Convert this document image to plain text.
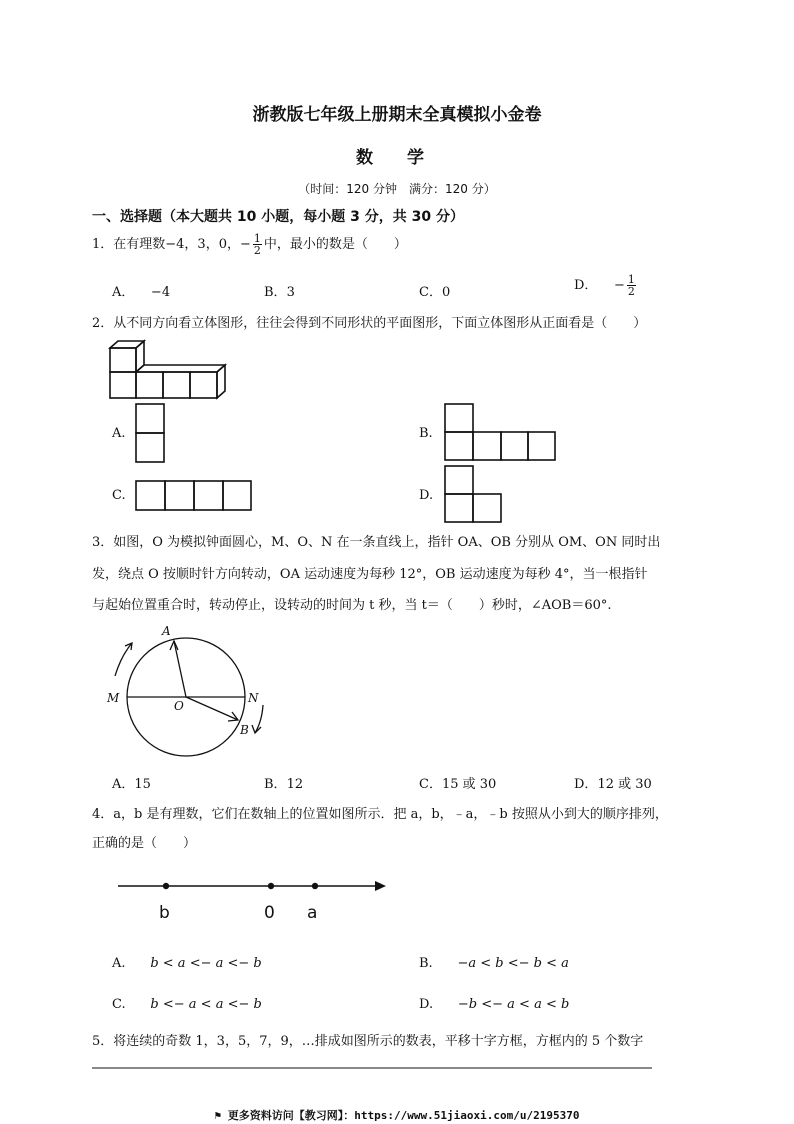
浙教版七年级上册期末全真模拟小金卷
数 学
（时间：120 分钟　满分：120 分）
一、选择题（本大题共 10 小题，每小题 3 分，共 30 分）
1．在有理数−4，3，0，− $\frac{1}{2}$ 中，最小的数是（　　）
A． −4	B．3	C．0	D． − $\frac{1}{2}$
2．从不同方向看立体图形，往往会得到不同形状的平面图形，下面立体图形从正面看是（　　）
A
M	N
O
B
b	0 a
A.	B.
C.	D.
3．如图，O 为模拟钟面圆心，M、O、N 在一条直线上，指针 OA、OB 分别从 OM、ON 同时出
发，绕点 O 按顺时针方向转动，OA 运动速度为每秒 12°，OB 运动速度为每秒 4°，当一根指针
与起始位置重合时，转动停止，设转动的时间为 t 秒，当 t＝（　　）秒时，∠AOB＝60°.
A．15	B．12	C．15 或 30	D．12 或 30
4．a，b 是有理数，它们在数轴上的位置如图所示．把 a，b，﹣a，﹣b 按照从小到大的顺序排列，
正确的是（　　）
A. b < a <− a <− b	B. −a < b <− b < a
C. b <− a < a <− b	D. −b <− a < a < b
5．将连续的奇数 1，3，5，7，9，…排成如图所示的数表，平移十字方框，方框内的 5 个数字
⚑ 更多资料访问【教习网】：https://www.51jiaoxi.com/u/2195370
